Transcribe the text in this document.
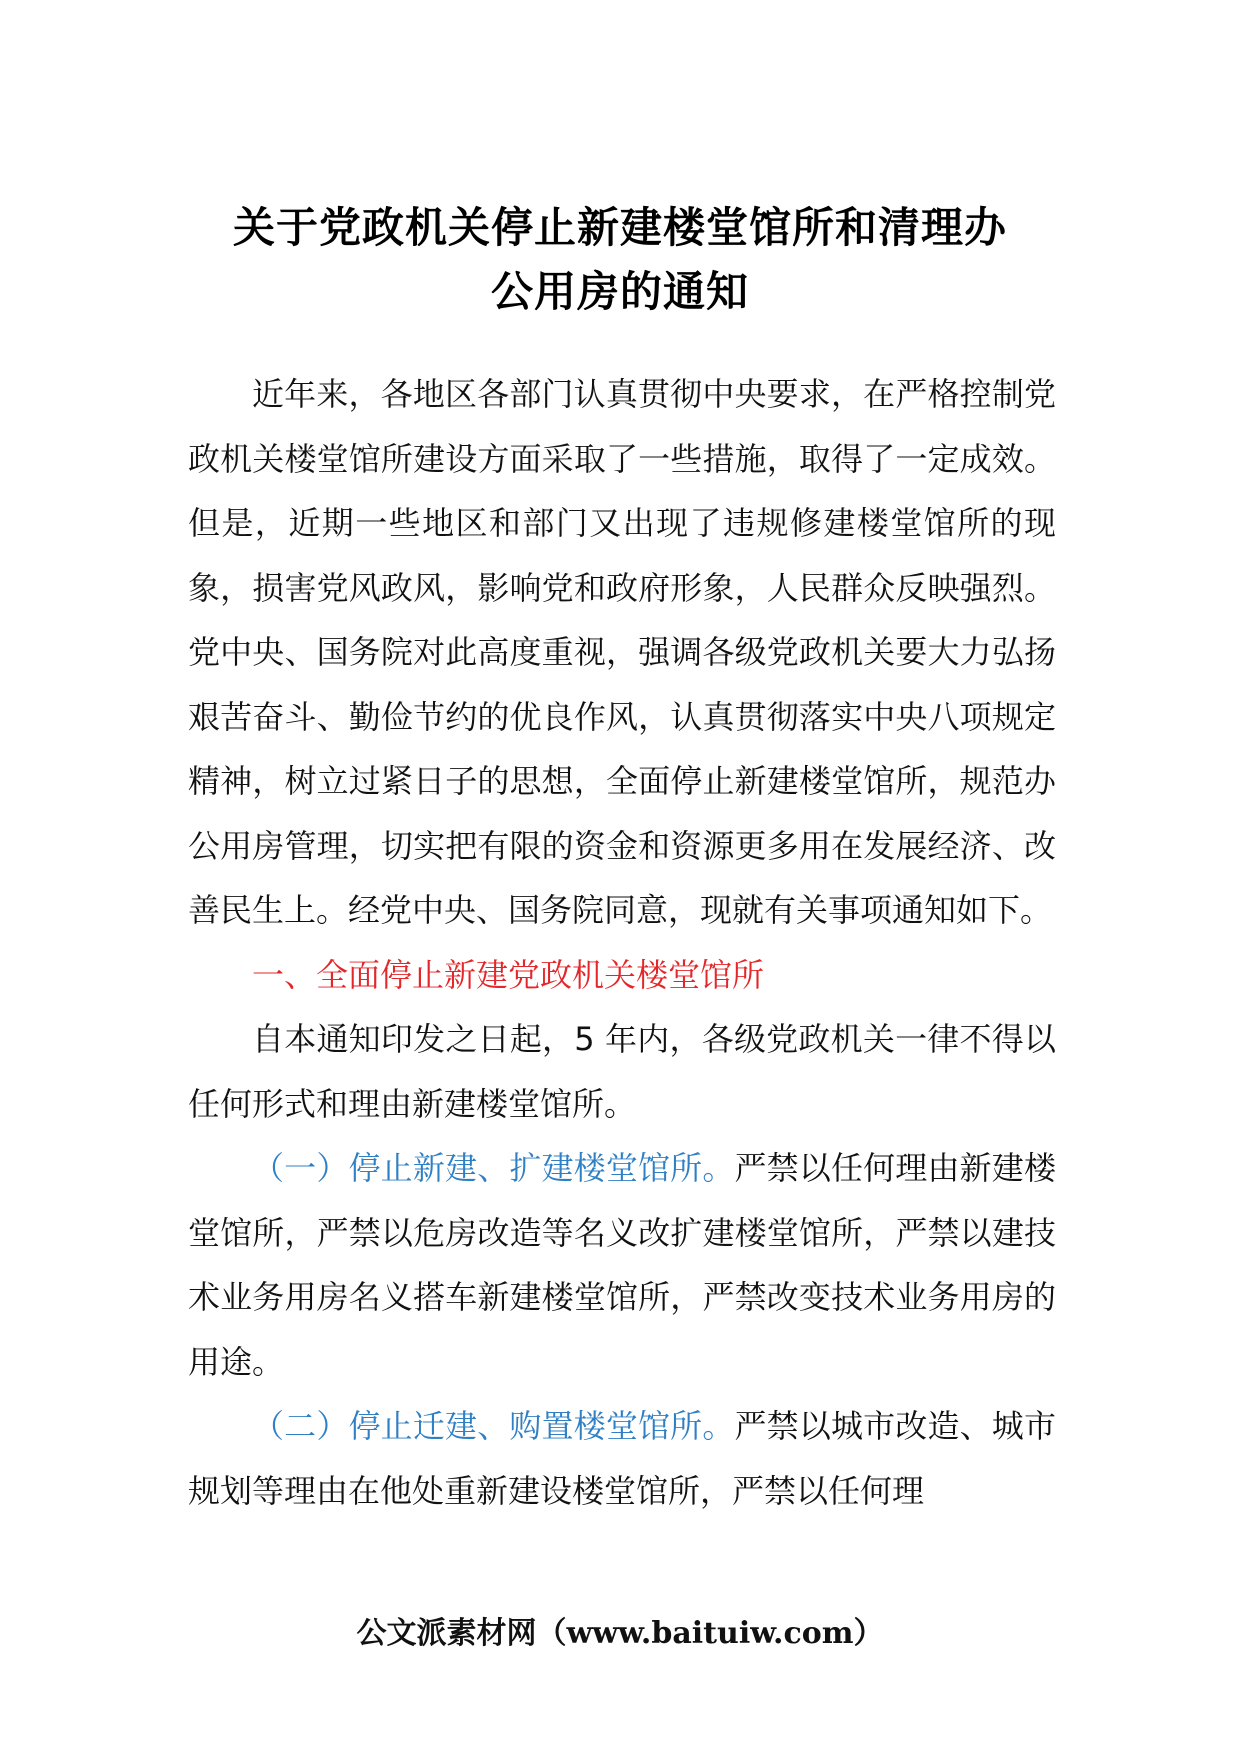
关于党政机关停止新建楼堂馆所和清理办
公用房的通知

近年来，各地区各部门认真贯彻中央要求，在严格控制党政机关楼堂馆所建设方面采取了一些措施，取得了一定成效。但是，近期一些地区和部门又出现了违规修建楼堂馆所的现象，损害党风政风，影响党和政府形象，人民群众反映强烈。党中央、国务院对此高度重视，强调各级党政机关要大力弘扬艰苦奋斗、勤俭节约的优良作风，认真贯彻落实中央八项规定精神，树立过紧日子的思想，全面停止新建楼堂馆所，规范办公用房管理，切实把有限的资金和资源更多用在发展经济、改善民生上。经党中央、国务院同意，现就有关事项通知如下。

一、全面停止新建党政机关楼堂馆所

自本通知印发之日起，5 年内，各级党政机关一律不得以任何形式和理由新建楼堂馆所。

（一）停止新建、扩建楼堂馆所。严禁以任何理由新建楼堂馆所，严禁以危房改造等名义改扩建楼堂馆所，严禁以建技术业务用房名义搭车新建楼堂馆所，严禁改变技术业务用房的用途。

（二）停止迁建、购置楼堂馆所。严禁以城市改造、城市规划等理由在他处重新建设楼堂馆所，严禁以任何理

公文派素材网（www.baituiw.com）
